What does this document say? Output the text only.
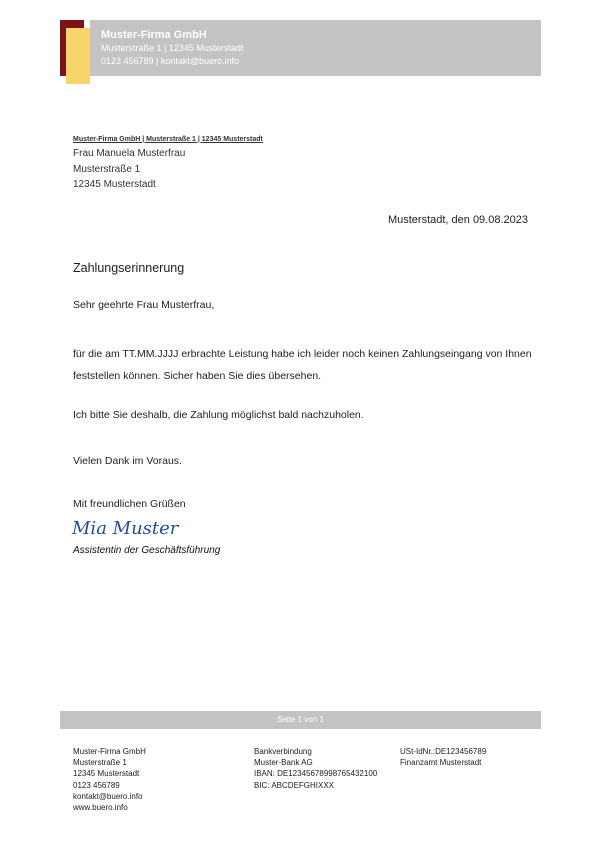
Muster-Firma GmbH
Musterstraße 1 | 12345 Musterstadt
0123 456789 | kontakt@buero.info
Muster-Firma GmbH | Musterstraße 1 | 12345 Musterstadt
Frau Manuela Musterfrau
Musterstraße 1
12345 Musterstadt
Musterstadt, den 09.08.2023
Zahlungserinnerung
Sehr geehrte Frau Musterfrau,
für die am TT.MM.JJJJ erbrachte Leistung habe ich leider noch keinen Zahlungseingang von Ihnen feststellen können. Sicher haben Sie dies übersehen.
Ich bitte Sie deshalb, die Zahlung möglichst bald nachzuholen.
Vielen Dank im Voraus.
Mit freundlichen Grüßen
Mia Muster
Assistentin der Geschäftsführung
Seite 1 von 1
Muster-Firma GmbH
Musterstraße 1
12345 Musterstadt
0123 456789
kontakt@buero.info
www.buero.info
Bankverbindung
Muster-Bank AG
IBAN: DE12345678998765432100
BIC: ABCDEFGHIXXX
USt-IdNr.:DE123456789
Finanzamt Musterstadt
